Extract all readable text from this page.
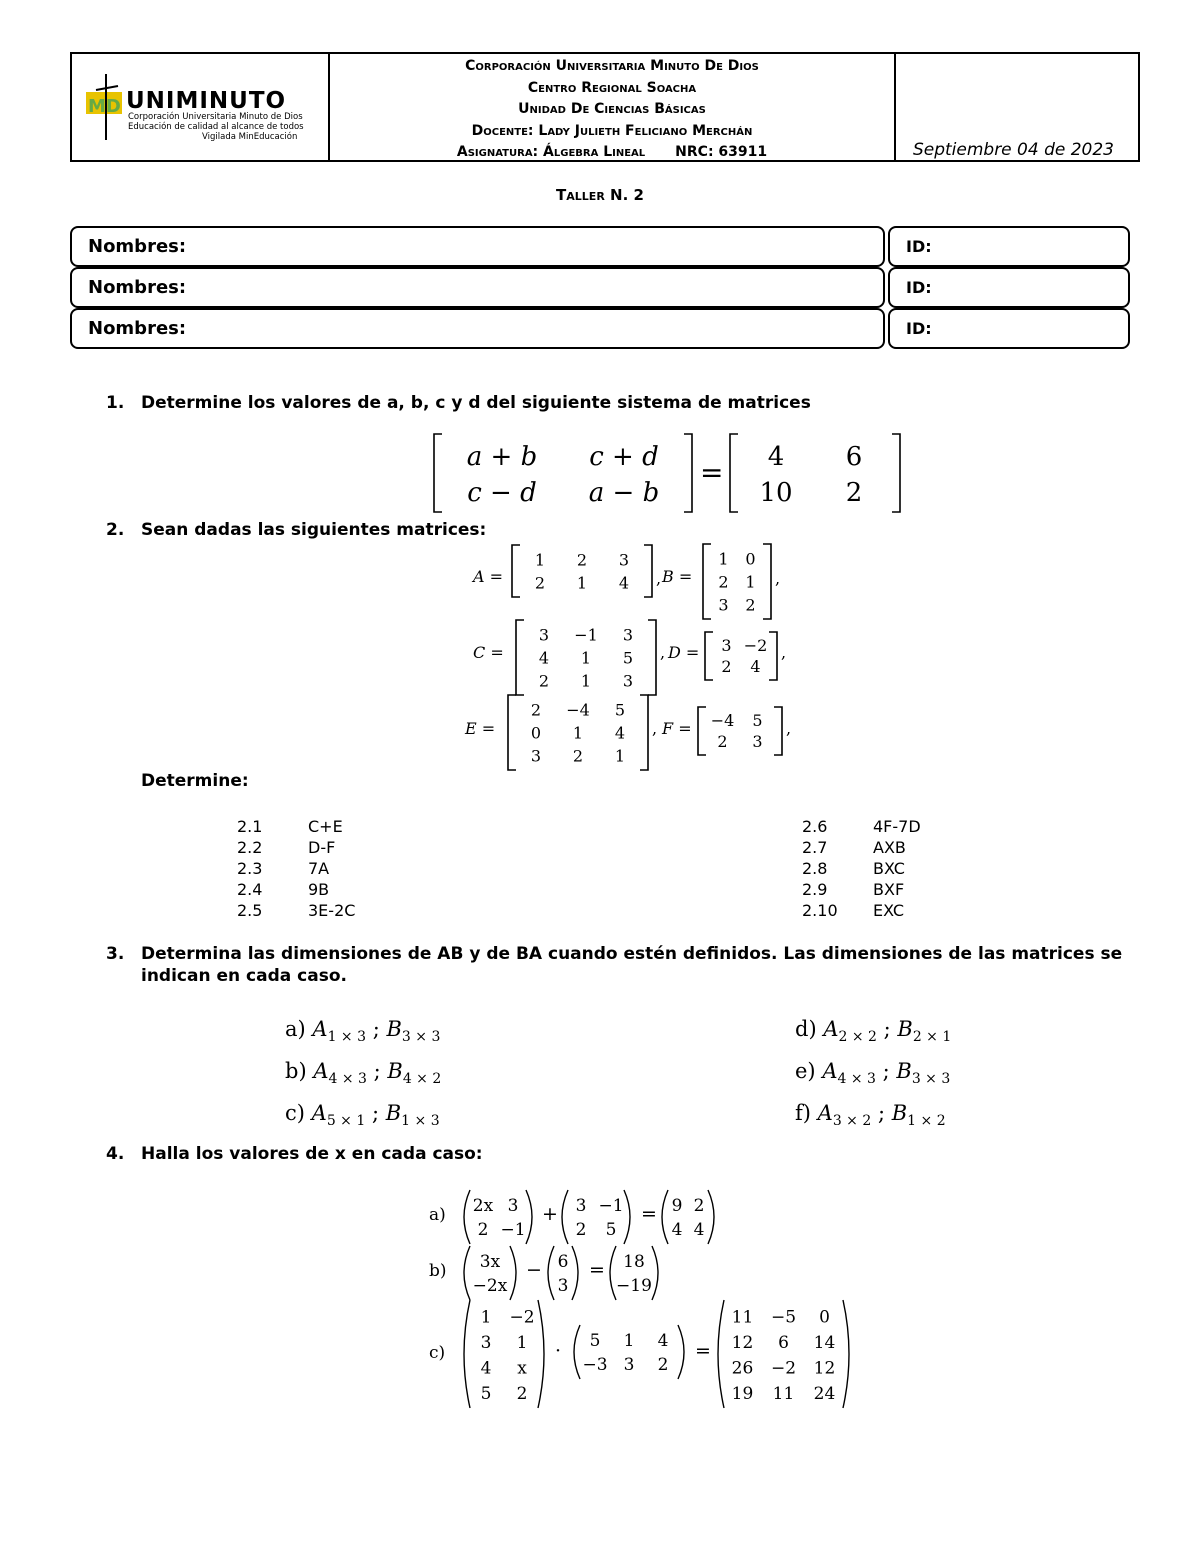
MD UNIMINUTO
Corporación Universitaria Minuto de Dios
Educación de calidad al alcance de todos
Vigilada MinEducación
Corporación Universitaria Minuto De Dios
Centro Regional Soacha
Unidad De Ciencias Básicas
Docente: Lady Julieth Feliciano Merchán
Asignatura: Álgebra Lineal NRC: 63911	Septiembre 04 de 2023
Taller N. 2
Nombres:	ID:
Nombres:	ID:
Nombres:	ID:
1. Determine los valores de a, b, c y d del siguiente sistema de matrices
a + b c + d
c − d a − b
= 4 6
10 2
2. Sean dadas las siguientes matrices:
A =
1 2 3
2 1 4 , B =
1 0
2 1
3 2
,
C =
3 −1 3
4 1 5
2 1 3
, D = 3 −2
2 4
,
E =
2 −4 5
0 1 4
3 2 1
, F = −4 5
2 3
,
Determine:
2.1	C+E
2.2	D-F
2.3	7A
2.4	9B
2.5	3E-2C
2.6	4F-7D
2.7	AXB
2.8	BXC
2.9	BXF
2.10 EXC
3. Determina las dimensiones de AB y de BA cuando estén definidos. Las dimensiones de las matrices se indican en cada caso.
a) $A_{1 \times 3}$ ; $B_{3 \times 3}$
b) $A_{4 \times 3}$ ; $B_{4 \times 2}$
c) $A_{5 \times 1}$ ; $B_{1 \times 3}$
d) $A_{2 \times 2}$ ; $B_{2 \times 1}$
e) $A_{4 \times 3}$ ; $B_{3 \times 3}$
f) $A_{3 \times 2}$ ; $B_{1 \times 2}$
4. Halla los valores de x en cada caso:
a) 2x 3
2 −1
+ 3 −1
2 5
= 9 2
4 4
b) 3x
−2x
− 6
3
= 18
−19
c)
1 −2
3 1
4 x
5 2
· 5 1 4
−3 3 2
=
11 −5 0
12 6 14
26 −2 12
19 11 24
